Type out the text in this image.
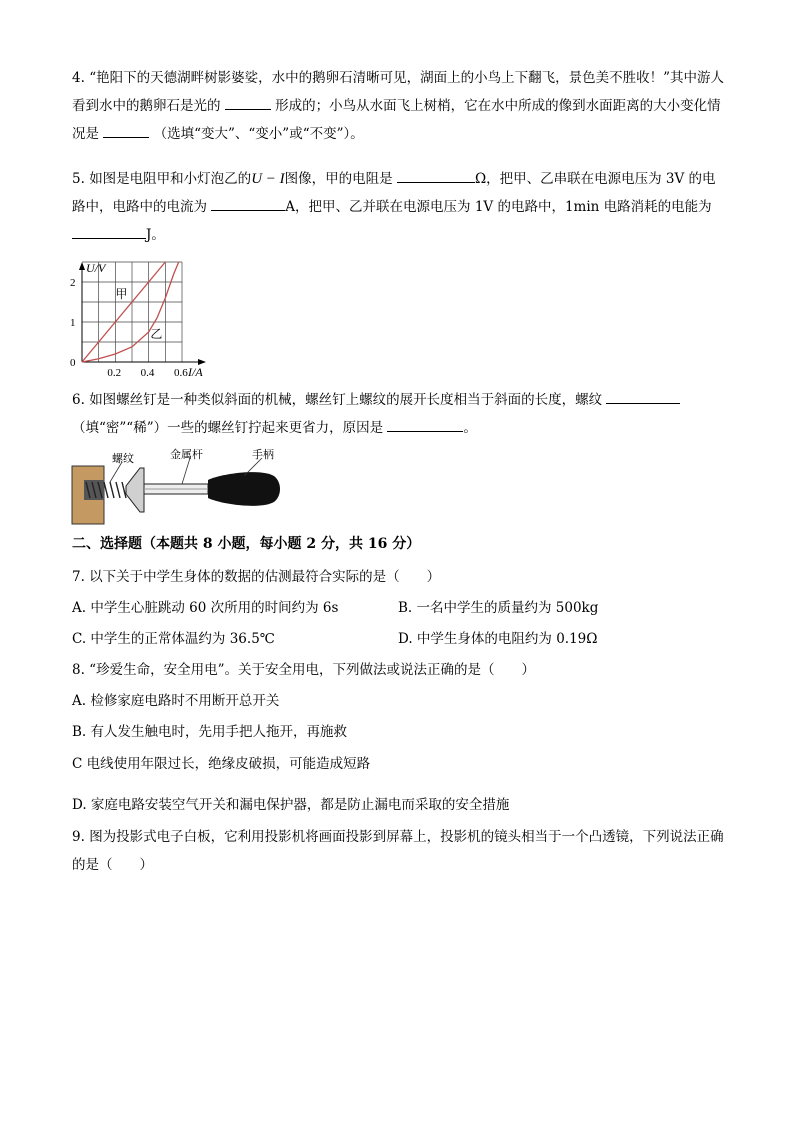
4. “艳阳下的天德湖畔树影婆娑，水中的鹅卵石清晰可见，湖面上的小鸟上下翻飞，景色美不胜收！”其中游人看到水中的鹅卵石是光的	形成的；小鸟从水面飞上树梢，它在水中所成的像到水面距离的大小变化情况是	（选填“变大”、“变小”或“不变”）。

5. 如图是电阻甲和小灯泡乙的U − I图像，甲的电阻是	Ω，把甲、乙串联在电源电压为 3V 的电路中，电路中的电流为	A，把甲、乙并联在电源电压为 1V 的电路中，1min 电路消耗的电能为 J。

甲
乙
0.2 0.4 0.6
0
1
2
U/V
I/A

6. 如图螺丝钉是一种类似斜面的机械，螺丝钉上螺纹的展开长度相当于斜面的长度，螺纹 （填“密”“稀”）一些的螺丝钉拧起来更省力，原因是	。

螺纹	金属杆	手柄
二、选择题（本题共 8 小题，每小题 2 分，共 16 分）
7. 以下关于中学生身体的数据的估测最符合实际的是（　　）
A. 中学生心脏跳动 60 次所用的时间约为 6s	B. 一名中学生的质量约为 500kg
C. 中学生的正常体温约为 36.5℃	D. 中学生身体的电阻约为 0.19Ω
8. “珍爱生命，安全用电”。关于安全用电，下列做法或说法正确的是（　　）
A. 检修家庭电路时不用断开总开关
B. 有人发生触电时，先用手把人拖开，再施救
C 电线使用年限过长，绝缘皮破损，可能造成短路
D. 家庭电路安装空气开关和漏电保护器，都是防止漏电而采取的安全措施

9. 图为投影式电子白板，它利用投影机将画面投影到屏幕上，投影机的镜头相当于一个凸透镜，下列说法正确的是（　　）
